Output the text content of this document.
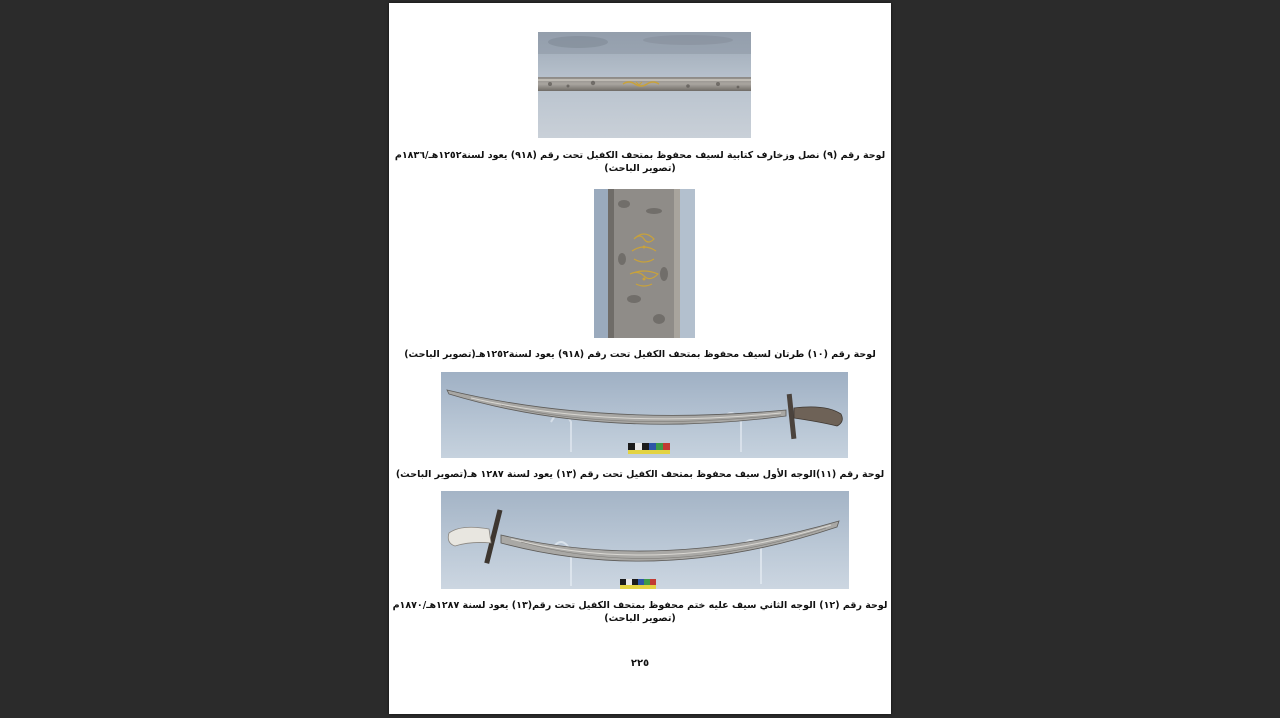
لوحة رقم (٩) نصل وزخارف كتابية لسيف محفوظ بمتحف الكفيل تحت رقم (٩١٨) يعود لسنة١٢٥٢هـ/١٨٣٦م
(تصوير الباحث)
لوحة رقم (١٠) طرتان لسيف محفوظ بمتحف الكفيل تحت رقم (٩١٨) يعود لسنة١٢٥٢هـ(تصوير الباحث)
لوحة رقم (١١)الوجه الأول سيف محفوظ بمتحف الكفيل تحت رقم (١٣) يعود لسنة ١٢٨٧ هـ(تصوير الباحث)
لوحة رقم (١٢) الوجه الثاني سيف عليه ختم محفوظ بمتحف الكفيل تحت رقم(١٣) يعود لسنة ١٢٨٧هـ/١٨٧٠م
(تصوير الباحث)
٢٢٥
